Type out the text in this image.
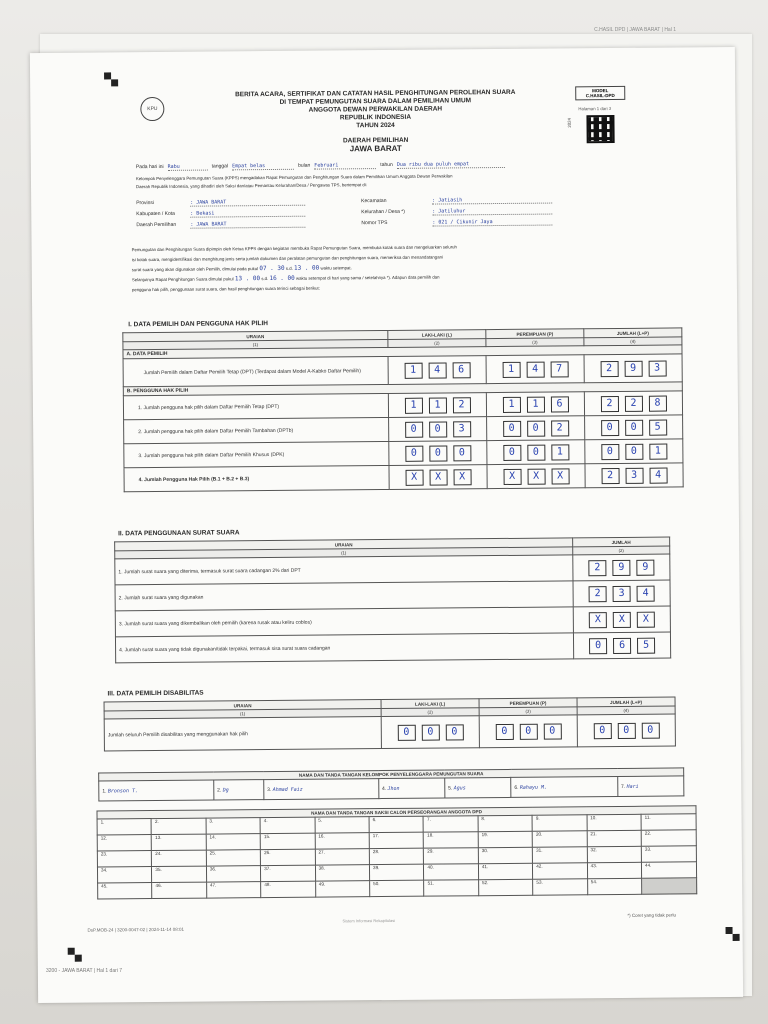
C.HASIL DPD | JAWA BARAT | Hal 1
KPU
BERITA ACARA, SERTIFIKAT DAN CATATAN HASIL PENGHITUNGAN PEROLEHAN SUARA
DI TEMPAT PEMUNGUTAN SUARA DALAM PEMILIHAN UMUM
ANGGOTA DEWAN PERWAKILAN DAERAH
REPUBLIK INDONESIA
TAHUN 2024
DAERAH PEMILIHAN
JAWA BARAT
MODEL
C.HASIL-DPD
Halaman 1 dari 3
2024
Pada hari ini Rabu	tanggal Empat belas	bulan Februari	tahun Dua ribu dua puluh empat
Kelompok Penyelenggara Pemungutan Suara (KPPS) mengadakan Rapat Pemungutan dan Penghitungan Suara dalam Pemilihan Umum Anggota Dewan Perwakilan
Daerah Republik Indonesia, yang dihadiri oleh Saksi dan/atau Pemantau Kelurahan/Desa / Pengawas TPS, bertempat di:
Provinsi	: JAWA BARAT
Kabupaten / Kota	: Bekasi
Daerah Pemilihan	: JAWA BARAT
Kecamatan	: Jatiasih
Kelurahan / Desa *)	: Jatiluhur
Nomor TPS	: 021 / Cikunir Jaya
Pemungutan dan Penghitungan Suara dipimpin oleh Ketua KPPS dengan kegiatan membuka Rapat Pemungutan Suara, membuka kotak suara dan mengeluarkan seluruh
isi kotak suara, mengidentifikasi dan menghitung jenis serta jumlah dokumen dan peralatan pemungutan dan penghitungan suara, memeriksa dan menandatangani
surat suara yang akan digunakan oleh Pemilih, dimulai pada pukul 07 . 30 s.d. 13 . 00 waktu setempat.
Selanjutnya Rapat Penghitungan Suara dimulai pukul 13 . 00 s.d. 16 . 00 waktu setempat di hari yang sama / setelahnya *). Adapun data pemilih dan
pengguna hak pilih, penggunaan surat suara, dan hasil penghitungan suara terinci sebagai berikut:
I. DATA PEMILIH DAN PENGGUNA HAK PILIH
URAIAN	LAKI-LAKI (L)	PEREMPUAN (P)	JUMLAH (L+P)
(1)	(2)	(3)	(4)
A. DATA PEMILIH			
Jumlah Pemilih dalam Daftar Pemilih Tetap (DPT) (Terdapat dalam Model A-Kabko Daftar Pemilih)	1 4 6	1 4 7	2 9 3

B. PENGGUNA HAK PILIH			
1. Jumlah pengguna hak pilih dalam Daftar Pemilih Tetap (DPT)	1 1 2	1 1 6	2 2 8

2. Jumlah pengguna hak pilih dalam Daftar Pemilih Tambahan (DPTb)	0 0 3	0 0 2	0 0 5

3. Jumlah pengguna hak pilih dalam Daftar Pemilih Khusus (DPK)	0 0 0	0 0 1	0 0 1

4. Jumlah Pengguna Hak Pilih (B.1 + B.2 + B.3)	X X X	X X X	2 3 4
II. DATA PENGGUNAAN SURAT SUARA
URAIAN	JUMLAH
(1)	(2)
1. Jumlah surat suara yang diterima, termasuk surat suara cadangan 2% dari DPT	2 9 9

2. Jumlah surat suara yang digunakan	2 3 4

3. Jumlah surat suara yang dikembalikan oleh pemilih (karena rusak atau keliru coblos)	X X X

4. Jumlah surat suara yang tidak digunakan/tidak terpakai, termasuk sisa surat suara cadangan	0 6 5
III. DATA PEMILIH DISABILITAS
URAIAN	LAKI-LAKI (L)	PEREMPUAN (P)	JUMLAH (L+P)
(1)	(2)	(3)	(4)
Jumlah seluruh Pemilih disabilitas yang menggunakan hak pilih	0 0 0	0 0 0	0 0 0
NAMA DAN TANDA TANGAN KELOMPOK PENYELENGGARA PEMUNGUTAN SUARA
1. Bronson T.	2. Dg	3. Ahmad Faiz	4. Jhon	5. Agus	6. Rahayu M.	7. Hari
NAMA DAN TANDA TANGAN SAKSI CALON PERSEORANGAN ANGGOTA DPD										
1.	2.	3.	4.	5.	6.	7.	8.	9.	10.	11.
12.	13.	14.	15.	16.	17.	18.	19.	20.	21.	22.
23.	24.	25.	26.	27.	28.	29.	30.	31.	32.	33.
34.	35.	36.	37.	38.	39.	40.	41.	42.	43.	44.
45.	46.	47.	48.	49.	50.	51.	52.	53.	54.	
DsP.MOB-24 | 3200-0047-02 | 2024-11-14 08:01
Sistem Informasi Rekapitulasi
*) Coret yang tidak perlu
3200 - JAWA BARAT | Hal 1 dari 7
